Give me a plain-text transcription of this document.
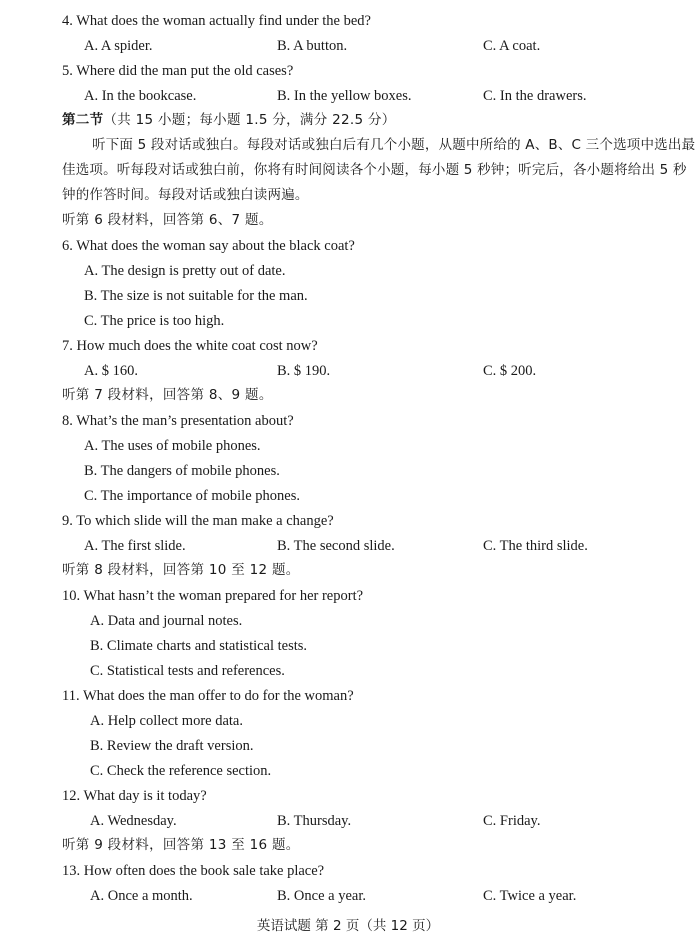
4. What does the woman actually find under the bed?
A. A spider.	B. A button.	C. A coat.
5. Where did the man put the old cases?
A. In the bookcase.	B. In the yellow boxes.	C. In the drawers.
第二节（共 15 小题；每小题 1.5 分，满分 22.5 分）
听下面 5 段对话或独白。每段对话或独白后有几个小题，从题中所给的 A、B、C 三个选项中选出最佳选项。听每段对话或独白前，你将有时间阅读各个小题，每小题 5 秒钟；听完后，各小题将给出 5 秒钟的作答时间。每段对话或独白读两遍。
听第 6 段材料，回答第 6、7 题。
6. What does the woman say about the black coat?
A. The design is pretty out of date.
B. The size is not suitable for the man.
C. The price is too high.
7. How much does the white coat cost now?
A. $ 160.	B. $ 190.	C. $ 200.
听第 7 段材料，回答第 8、9 题。
8. What’s the man’s presentation about?
A. The uses of mobile phones.
B. The dangers of mobile phones.
C. The importance of mobile phones.
9. To which slide will the man make a change?
A. The first slide.	B. The second slide.	C. The third slide.
听第 8 段材料，回答第 10 至 12 题。
10. What hasn’t the woman prepared for her report?
A. Data and journal notes.
B. Climate charts and statistical tests.
C. Statistical tests and references.
11. What does the man offer to do for the woman?
A. Help collect more data.
B. Review the draft version.
C. Check the reference section.
12. What day is it today?
A. Wednesday.	B. Thursday.	C. Friday.
听第 9 段材料，回答第 13 至 16 题。
13. How often does the book sale take place?
A. Once a month.	B. Once a year.	C. Twice a year.
英语试题 第 2 页（共 12 页）
